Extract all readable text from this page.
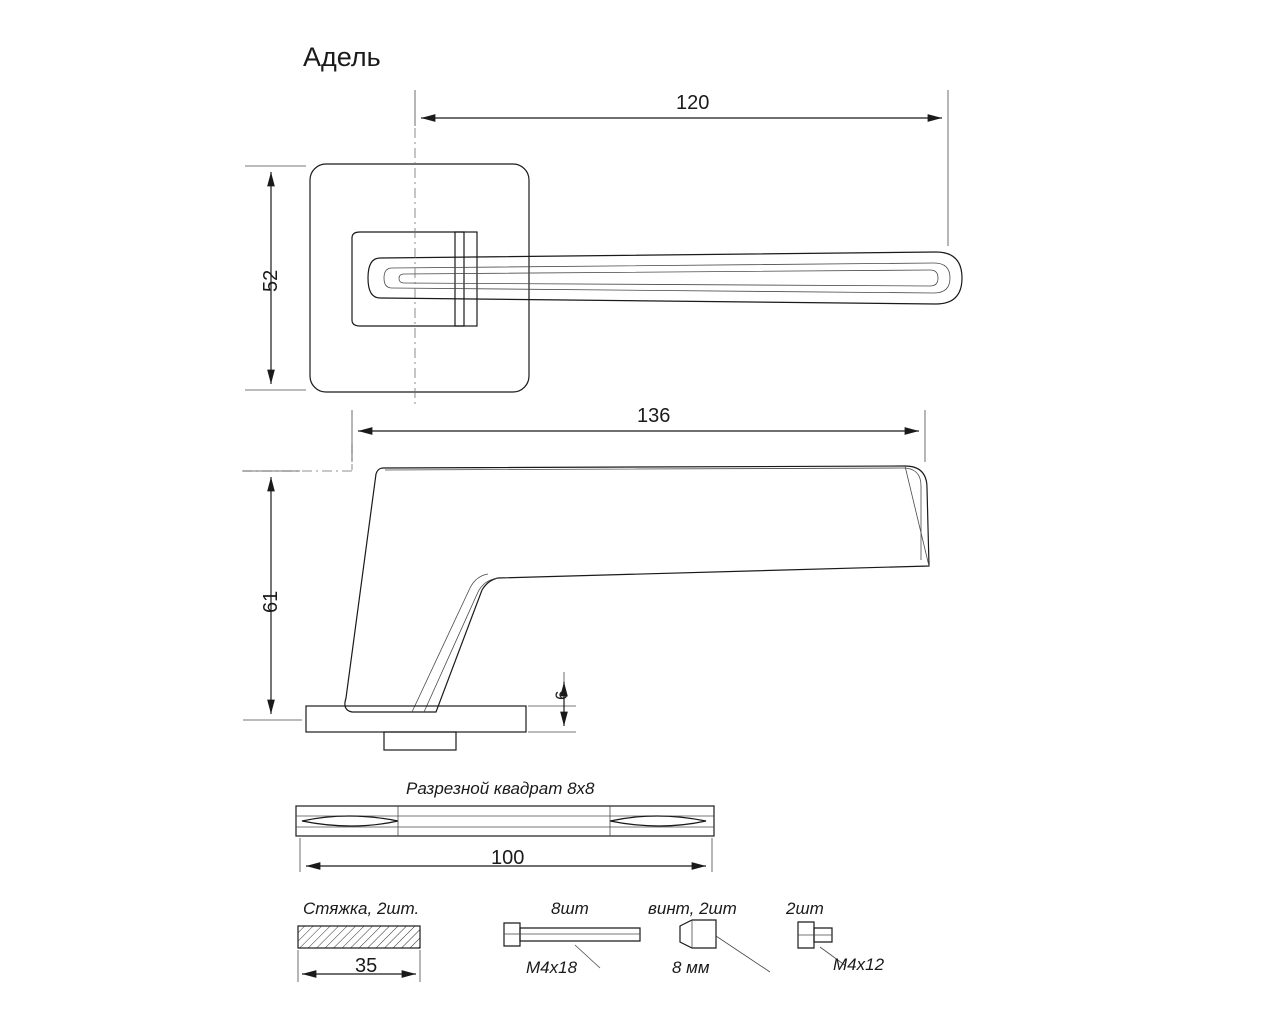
Адель
120
52
136
61
6
Разрезной квадрат 8x8
100
Стяжка, 2шт.
35
8шт
M4x18
винт, 2шт
8 мм
2шт
M4x12
